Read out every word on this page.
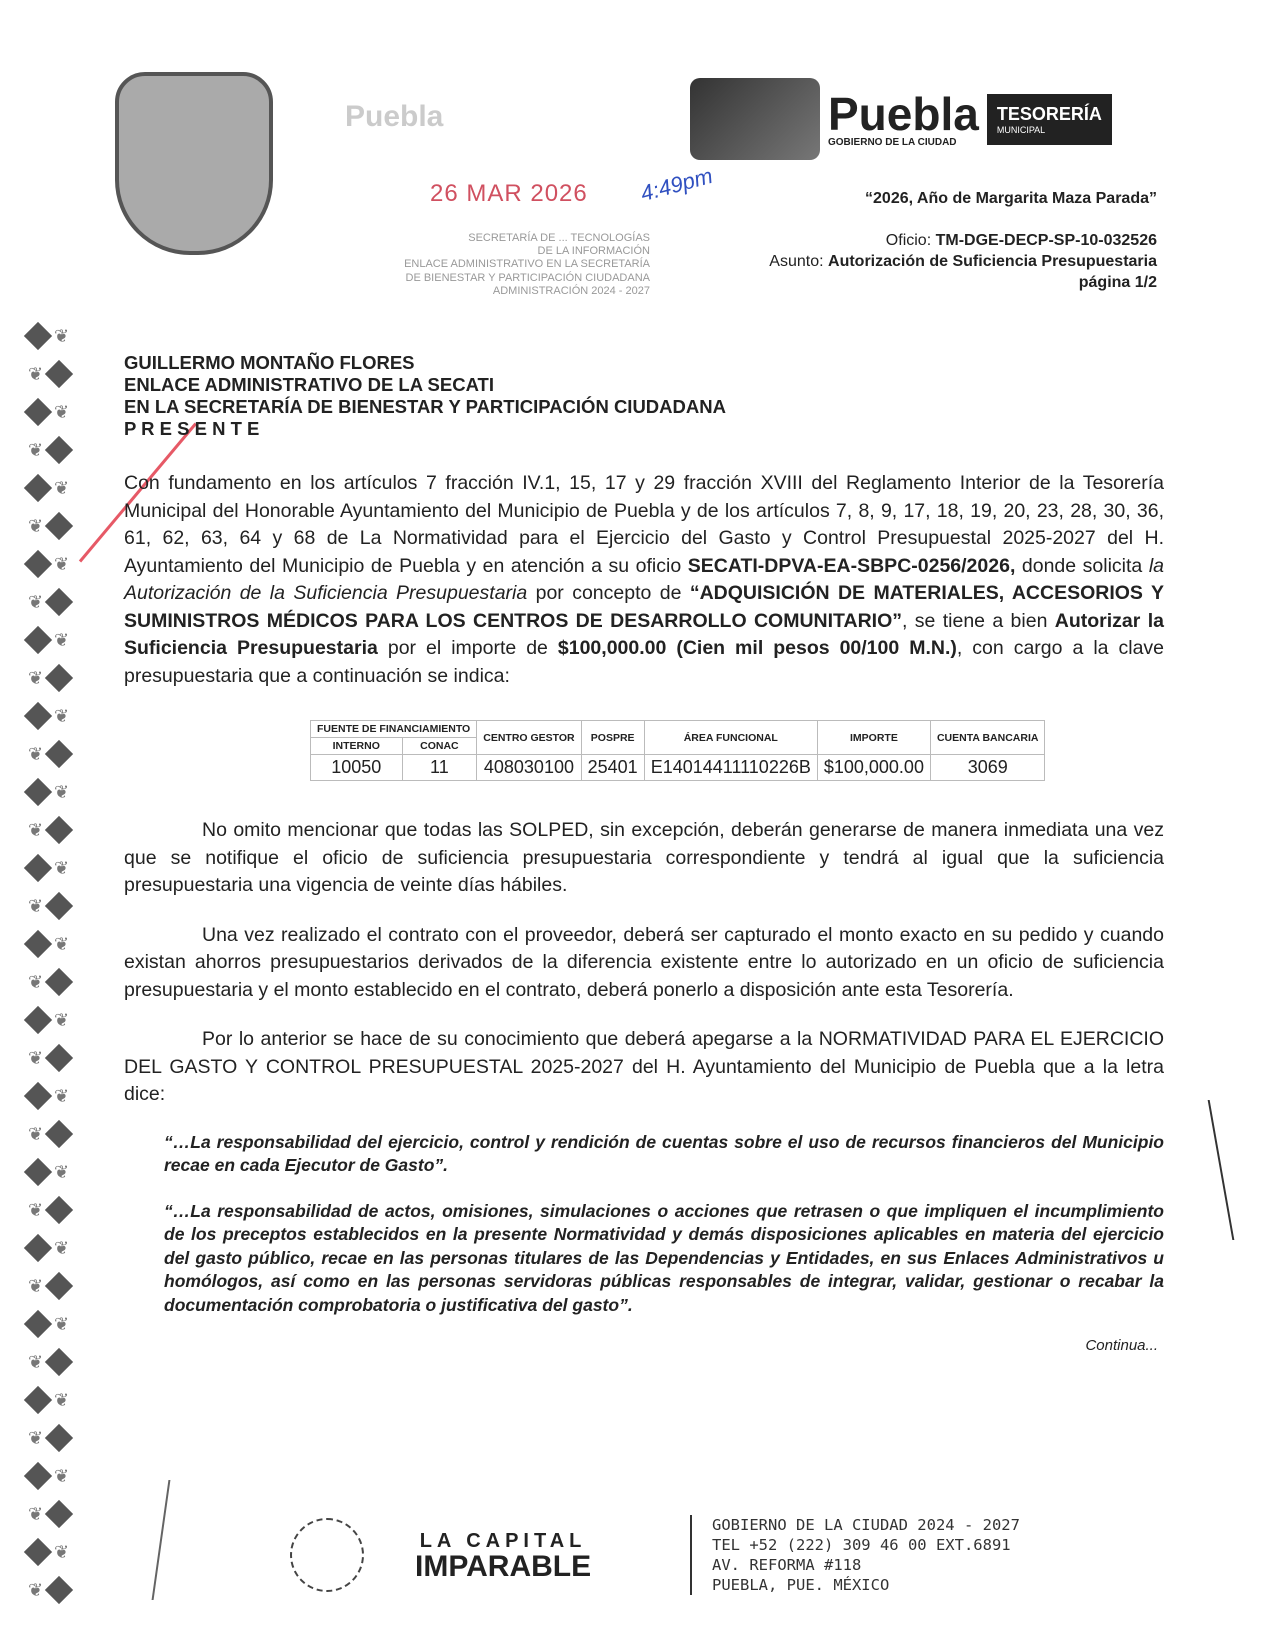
❦
❦
❦
❦
❦
❦
❦
❦
❦
❦
❦
❦
❦
❦
❦
❦
❦
❦
❦
❦
❦
❦
❦
❦
❦
❦
❦
❦
❦
❦
❦
❦
❦
❦
Puebla	Puebla
GOBIERNO DE LA CIUDAD
TESORERÍA
MUNICIPAL
26 MAR 2026 4:49pm
SECRETARÍA DE ... TECNOLOGÍAS
DE LA INFORMACIÓN
ENLACE ADMINISTRATIVO EN LA SECRETARÍA
DE BIENESTAR Y PARTICIPACIÓN CIUDADANA
ADMINISTRACIÓN 2024 - 2027
“2026, Año de Margarita Maza Parada”
Oficio: TM-DGE-DECP-SP-10-032526
Asunto: Autorización de Suficiencia Presupuestaria
página 1/2
GUILLERMO MONTAÑO FLORES
ENLACE ADMINISTRATIVO DE LA SECATI
EN LA SECRETARÍA DE BIENESTAR Y PARTICIPACIÓN CIUDADANA
P R E S E N T E

Con fundamento en los artículos 7 fracción IV.1, 15, 17 y 29 fracción XVIII del Reglamento Interior de la Tesorería Municipal del Honorable Ayuntamiento del Municipio de Puebla y de los artículos 7, 8, 9, 17, 18, 19, 20, 23, 28, 30, 36, 61, 62, 63, 64 y 68 de La Normatividad para el Ejercicio del Gasto y Control Presupuestal 2025-2027 del H. Ayuntamiento del Municipio de Puebla y en atención a su oficio SECATI-DPVA-EA-SBPC-0256/2026, donde solicita la Autorización de la Suficiencia Presupuestaria por concepto de “ADQUISICIÓN DE MATERIALES, ACCESORIOS Y SUMINISTROS MÉDICOS PARA LOS CENTROS DE DESARROLLO COMUNITARIO”, se tiene a bien Autorizar la Suficiencia Presupuestaria por el importe de $100,000.00 (Cien mil pesos 00/100 M.N.), con cargo a la clave presupuestaria que a continuación se indica:

FUENTE DE FINANCIAMIENTO		CENTRO GESTOR	POSPRE	ÁREA FUNCIONAL	IMPORTE	CUENTA BANCARIA
INTERNO	CONAC					
10050	11	408030100	25401	E14014411110226B	$100,000.00	3069

No omito mencionar que todas las SOLPED, sin excepción, deberán generarse de manera inmediata una vez que se notifique el oficio de suficiencia presupuestaria correspondiente y tendrá al igual que la suficiencia presupuestaria una vigencia de veinte días hábiles.

Una vez realizado el contrato con el proveedor, deberá ser capturado el monto exacto en su pedido y cuando existan ahorros presupuestarios derivados de la diferencia existente entre lo autorizado en un oficio de suficiencia presupuestaria y el monto establecido en el contrato, deberá ponerlo a disposición ante esta Tesorería.

Por lo anterior se hace de su conocimiento que deberá apegarse a la NORMATIVIDAD PARA EL EJERCICIO DEL GASTO Y CONTROL PRESUPUESTAL 2025-2027 del H. Ayuntamiento del Municipio de Puebla que a la letra dice:

“…La responsabilidad del ejercicio, control y rendición de cuentas sobre el uso de recursos financieros del Municipio recae en cada Ejecutor de Gasto”.

“…La responsabilidad de actos, omisiones, simulaciones o acciones que retrasen o que impliquen el incumplimiento de los preceptos establecidos en la presente Normatividad y demás disposiciones aplicables en materia del ejercicio del gasto público, recae en las personas titulares de las Dependencias y Entidades, en sus Enlaces Administrativos u homólogos, así como en las personas servidoras públicas responsables de integrar, validar, gestionar o recabar la documentación comprobatoria o justificativa del gasto”.

Continua...
LA CAPITAL
IMPARABLE
GOBIERNO DE LA CIUDAD 2024 - 2027
TEL +52 (222) 309 46 00 EXT.6891
AV. REFORMA #118
PUEBLA, PUE. MÉXICO
